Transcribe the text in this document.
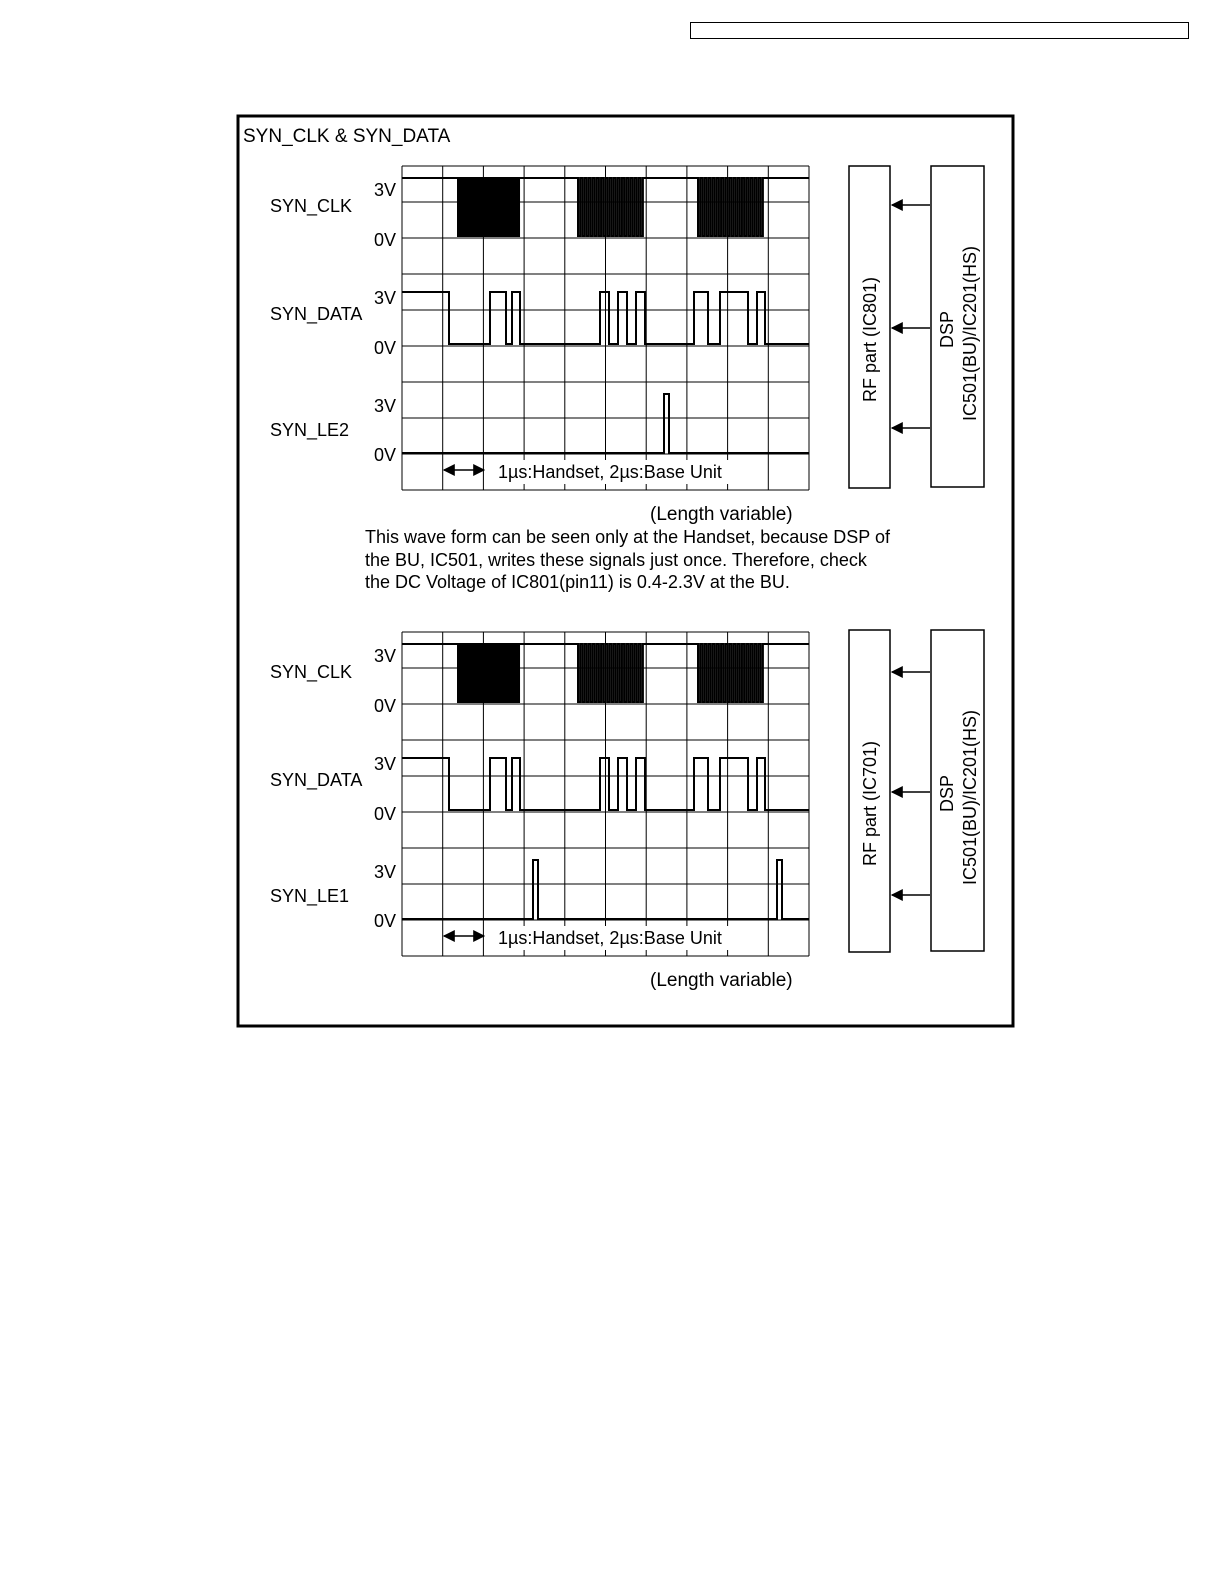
SYN_CLK & SYN_DATA
SYN_CLK
3V
0V
SYN_DATA
3V
0V
SYN_LE2
3V
0V
1µs:Handset, 2µs:Base Unit
(Length variable)
RF part (IC801)	DSP IC501(BU)/IC201(HS)
This wave form can be seen only at the Handset, because DSP of
the BU, IC501, writes these signals just once. Therefore, check
the DC Voltage of IC801(pin11) is 0.4-2.3V at the BU.
SYN_CLK
3V
0V
SYN_DATA
3V
0V
SYN_LE1
3V
0V
1µs:Handset, 2µs:Base Unit
(Length variable)
RF part (IC701)	DSP IC501(BU)/IC201(HS)
